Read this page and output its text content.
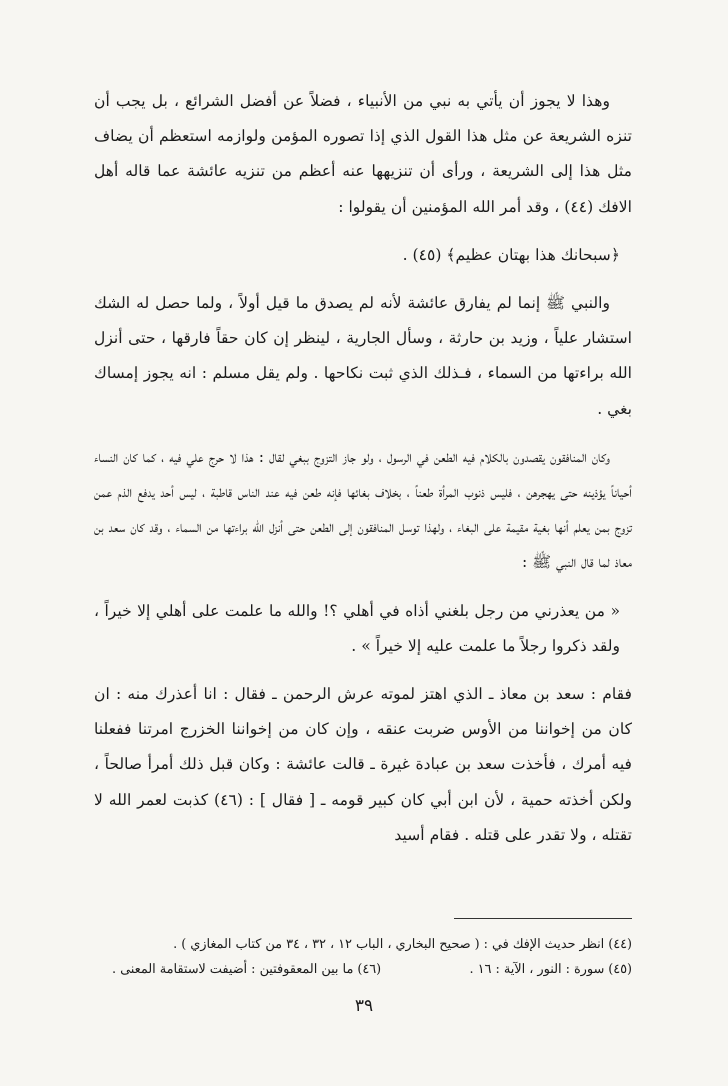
وهذا لا يجوز أن يأتي به نبي من الأنبياء ، فضلاً عن أفضل الشرائع ، بل يجب أن تنزه الشريعة عن مثل هذا القول الذي إذا تصوره المؤمن ولوازمه استعظم أن يضاف مثل هذا إلى الشريعة ، ورأى أن تنزيهها عنه أعظم من تنزيه عائشة عما قاله أهل الافك (٤٤) ، وقد أمر الله المؤمنين أن يقولوا :

﴿سبحانك هذا بهتان عظيم﴾ (٤٥) .

والنبي ﷺ إنما لم يفارق عائشة لأنه لم يصدق ما قيل أولاً ، ولما حصل له الشك استشار علياً ، وزيد بن حارثة ، وسأل الجارية ، لينظر إن كان حقاً فارقها ، حتى أنزل الله براءتها من السماء ، فـذلك الذي ثبت نكاحها . ولم يقل مسلم : انه يجوز إمساك بغي .

وكان المنافقون يقصدون بالكلام فيه الطعن في الرسول ، ولو جاز التزوج ببغي لقال : هذا لا حرج علي فيه ، كما كان النساء أحياناً يؤذينه حتى يهجرهن ، فليس ذنوب المرأة طعناً ، بخلاف بغائها فإنه طعن فيه عند الناس قاطبة ، ليس أحد يدفع الذم عمن تزوج بمن يعلم أنها بغية مقيمة على البغاء ، ولهذا توسل المنافقون إلى الطعن حتى أنزل الله براءتها من السماء ، وقد كان سعد بن معاذ لما قال النبي ﷺ :

« من يعذرني من رجل بلغني أذاه في أهلي ؟! والله ما علمت على أهلي إلا خيراً ، ولقد ذكروا رجلاً ما علمت عليه إلا خيراً » .

فقام : سعد بن معاذ ـ الذي اهتز لموته عرش الرحمن ـ فقال : انا أعذرك منه : ان كان من إخواننا من الأوس ضربت عنقه ، وإن كان من إخواننا الخزرج امرتنا ففعلنا فيه أمرك ، فأخذت سعد بن عبادة غيرة ـ قالت عائشة : وكان قبل ذلك أمرأ صالحاً ، ولكن أخذته حمية ، لأن ابن أبي كان كبير قومه ـ [ فقال ] : (٤٦) كذبت لعمر الله لا تقتله ، ولا تقدر على قتله . فقام أسيد

(٤٤) انظر حديث الإفك في : ( صحيح البخاري ، الباب ١٢ ، ٣٢ ، ٣٤ من كتاب المغازي ) .
(٤٥) سورة : النور ، الآية : ١٦ .
(٤٦) ما بين المعقوفتين : أضيفت لاستقامة المعنى .
٣٩
